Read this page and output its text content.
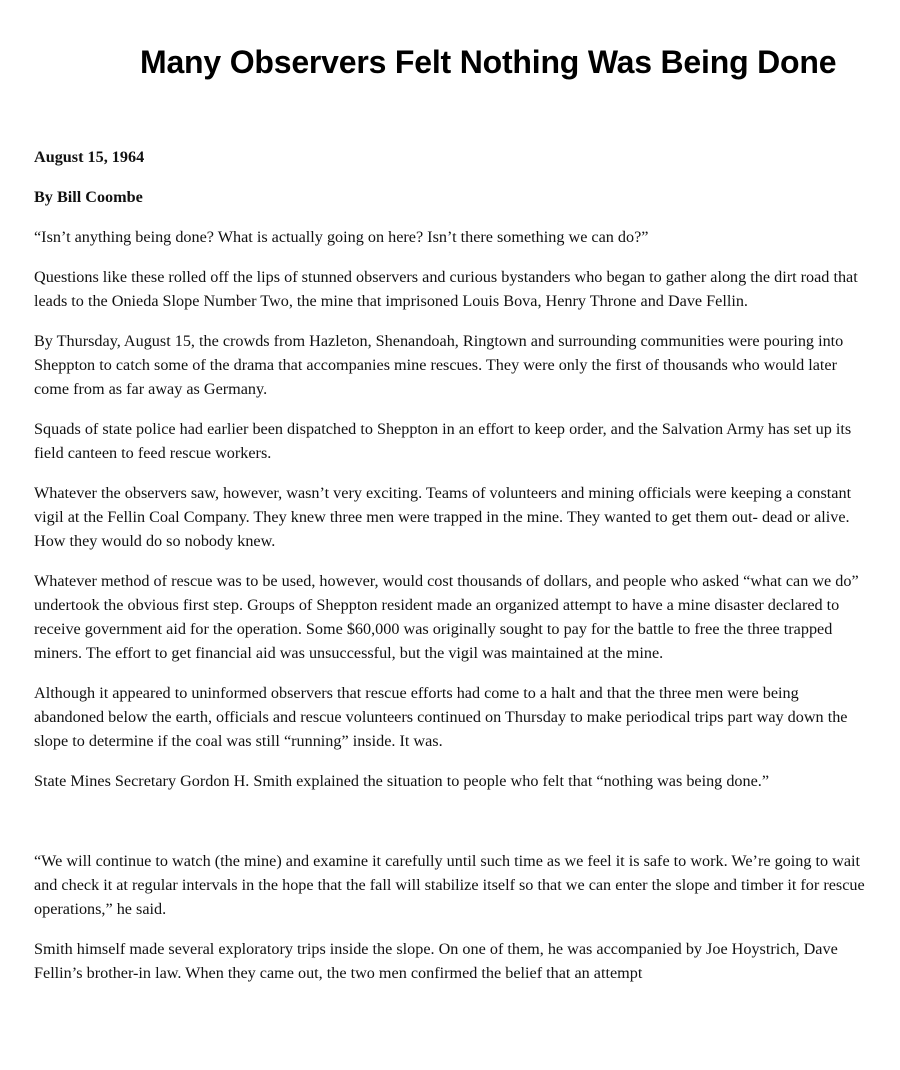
Many Observers Felt Nothing Was Being Done

August 15, 1964

By Bill Coombe

“Isn’t anything being done? What is actually going on here? Isn’t there something we can do?”

Questions like these rolled off the lips of stunned observers and curious bystanders who began to gather along the dirt road that leads to the Onieda Slope Number Two, the mine that imprisoned Louis Bova, Henry Throne and Dave Fellin.

By Thursday, August 15, the crowds from Hazleton, Shenandoah, Ringtown and surrounding communities were pouring into Sheppton to catch some of the drama that accompanies mine rescues. They were only the first of thousands who would later come from as far away as Germany.

Squads of state police had earlier been dispatched to Sheppton in an effort to keep order, and the Salvation Army has set up its field canteen to feed rescue workers.

Whatever the observers saw, however, wasn’t very exciting. Teams of volunteers and mining officials were keeping a constant vigil at the Fellin Coal Company. They knew three men were trapped in the mine. They wanted to get them out- dead or alive. How they would do so nobody knew.

Whatever method of rescue was to be used, however, would cost thousands of dollars, and people who asked “what can we do” undertook the obvious first step. Groups of Sheppton resident made an organized attempt to have a mine disaster declared to receive government aid for the operation. Some $60,000 was originally sought to pay for the battle to free the three trapped miners. The effort to get financial aid was unsuccessful, but the vigil was maintained at the mine.

Although it appeared to uninformed observers that rescue efforts had come to a halt and that the three men were being abandoned below the earth, officials and rescue volunteers continued on Thursday to make periodical trips part way down the slope to determine if the coal was still “running” inside. It was.

State Mines Secretary Gordon H. Smith explained the situation to people who felt that “nothing was being done.”

“We will continue to watch (the mine) and examine it carefully until such time as we feel it is safe to work. We’re going to wait and check it at regular intervals in the hope that the fall will stabilize itself so that we can enter the slope and timber it for rescue operations,” he said.

Smith himself made several exploratory trips inside the slope. On one of them, he was accompanied by Joe Hoystrich, Dave Fellin’s brother-in law. When they came out, the two men confirmed the belief that an attempt
